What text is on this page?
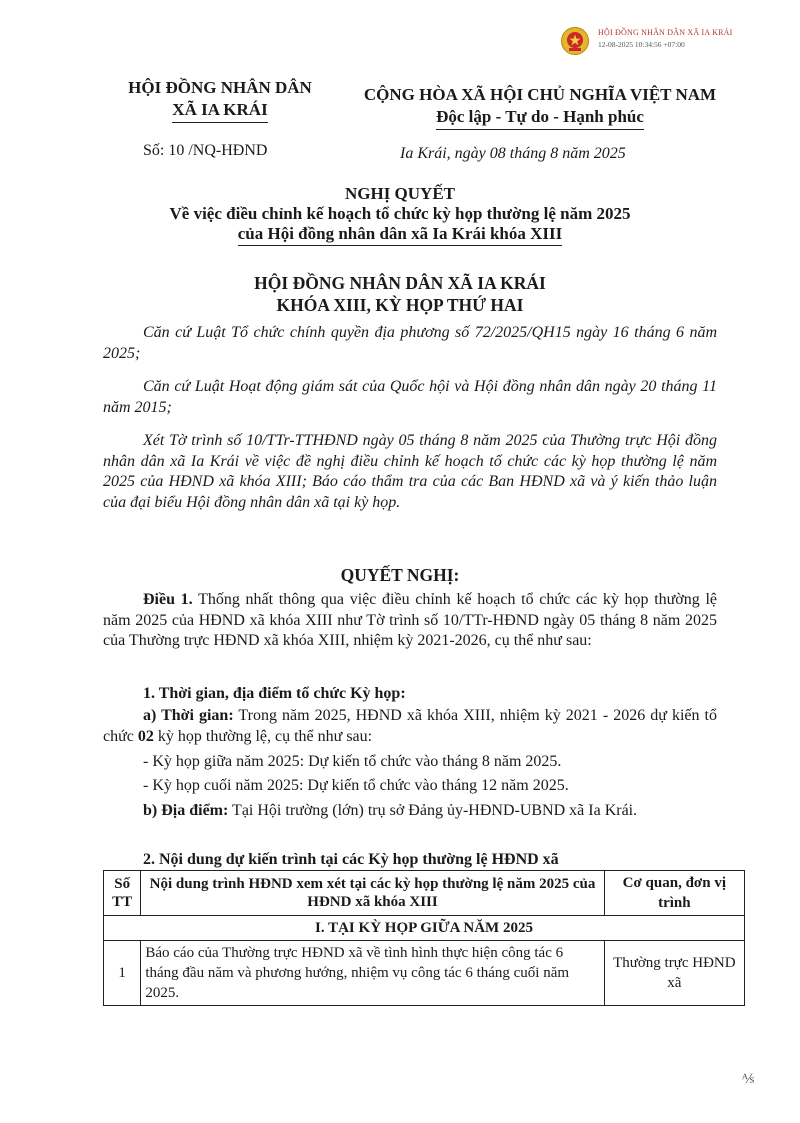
HỘI ĐỒNG NHÂN DÂN XÃ IA KRÁI
12-08-2025 10:34:56 +07:00
HỘI ĐỒNG NHÂN DÂN
XÃ IA KRÁI
CỘNG HÒA XÃ HỘI CHỦ NGHĨA VIỆT NAM
Độc lập - Tự do - Hạnh phúc
Số: 10 /NQ-HĐND	Ia Krái, ngày 08 tháng 8 năm 2025
NGHỊ QUYẾT
Về việc điều chỉnh kế hoạch tổ chức kỳ họp thường lệ năm 2025
của Hội đồng nhân dân xã Ia Krái khóa XIII
HỘI ĐỒNG NHÂN DÂN XÃ IA KRÁI
KHÓA XIII, KỲ HỌP THỨ HAI
Căn cứ Luật Tổ chức chính quyền địa phương số 72/2025/QH15 ngày 16 tháng 6 năm 2025;
Căn cứ Luật Hoạt động giám sát của Quốc hội và Hội đồng nhân dân ngày 20 tháng 11 năm 2015;
Xét Tờ trình số 10/TTr-TTHĐND ngày 05 tháng 8 năm 2025 của Thường trực Hội đồng nhân dân xã Ia Krái về việc đề nghị điều chỉnh kế hoạch tổ chức các kỳ họp thường lệ năm 2025 của HĐND xã khóa XIII; Báo cáo thẩm tra của các Ban HĐND xã và ý kiến thảo luận của đại biểu Hội đồng nhân dân xã tại kỳ họp.
QUYẾT NGHỊ:
Điều 1. Thống nhất thông qua việc điều chỉnh kế hoạch tổ chức các kỳ họp thường lệ năm 2025 của HĐND xã khóa XIII như Tờ trình số 10/TTr-HĐND ngày 05 tháng 8 năm 2025 của Thường trực HĐND xã khóa XIII, nhiệm kỳ 2021-2026, cụ thể như sau:
1. Thời gian, địa điểm tổ chức Kỳ họp:
a) Thời gian: Trong năm 2025, HĐND xã khóa XIII, nhiệm kỳ 2021 - 2026 dự kiến tổ chức 02 kỳ họp thường lệ, cụ thể như sau:
- Kỳ họp giữa năm 2025: Dự kiến tổ chức vào tháng 8 năm 2025.
- Kỳ họp cuối năm 2025: Dự kiến tổ chức vào tháng 12 năm 2025.
b) Địa điểm: Tại Hội trường (lớn) trụ sở Đảng ủy-HĐND-UBND xã Ia Krái.
2. Nội dung dự kiến trình tại các Kỳ họp thường lệ HĐND xã
Số TT	Nội dung trình HĐND xem xét tại các kỳ họp thường lệ năm 2025 của HĐND xã khóa XIII	Cơ quan, đơn vị trình
I. TẠI KỲ HỌP GIỮA NĂM 2025		
1	Báo cáo của Thường trực HĐND xã về tình hình thực hiện công tác 6 tháng đầu năm và phương hướng, nhiệm vụ công tác 6 tháng cuối năm 2025.	Thường trực HĐND xã
⅍
